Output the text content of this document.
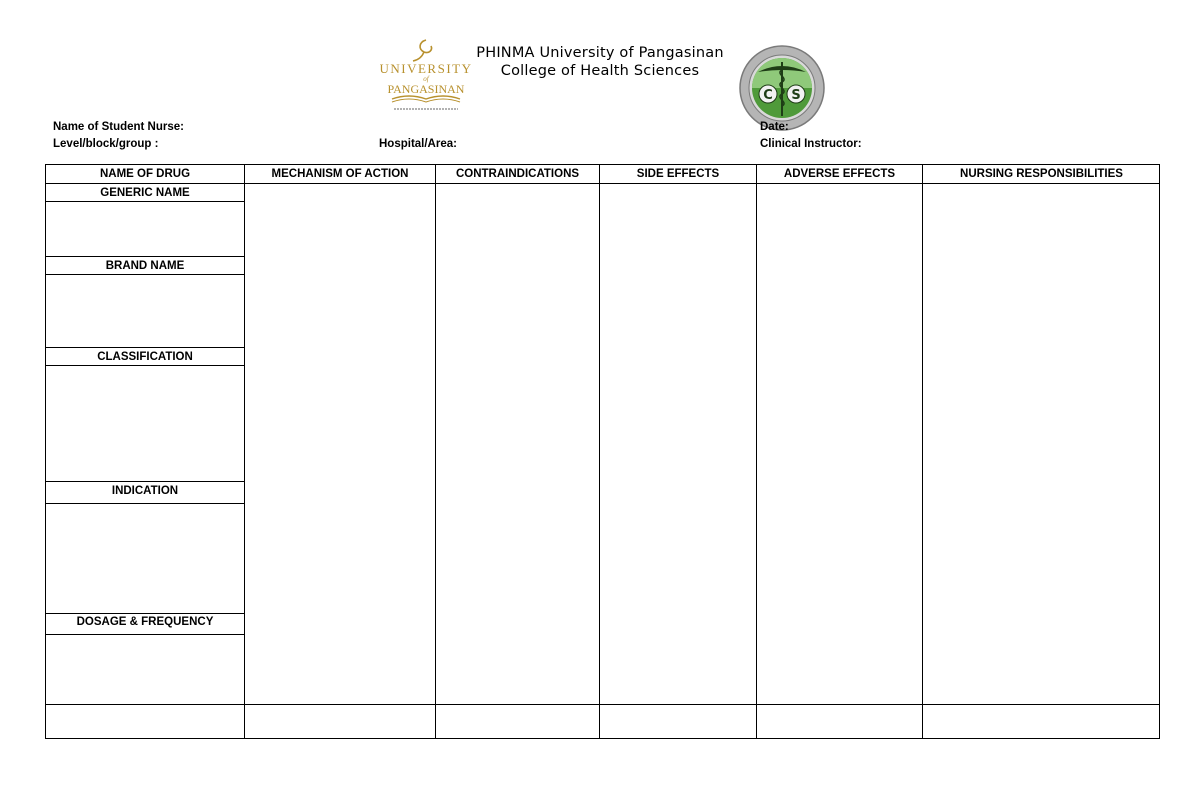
UNIVERSITY
of
PANGASINAN
PHINMA University of Pangasinan
College of Health Sciences
C S
Name of Student Nurse:	Date:
Level/block/group :	Hospital/Area:	Clinical Instructor:
NAME OF DRUG	MECHANISM OF ACTION	CONTRAINDICATIONS	SIDE EFFECTS	ADVERSE EFFECTS	NURSING RESPONSIBILITIES
GENERIC NAME
BRAND NAME
CLASSIFICATION
INDICATION
DOSAGE & FREQUENCY
